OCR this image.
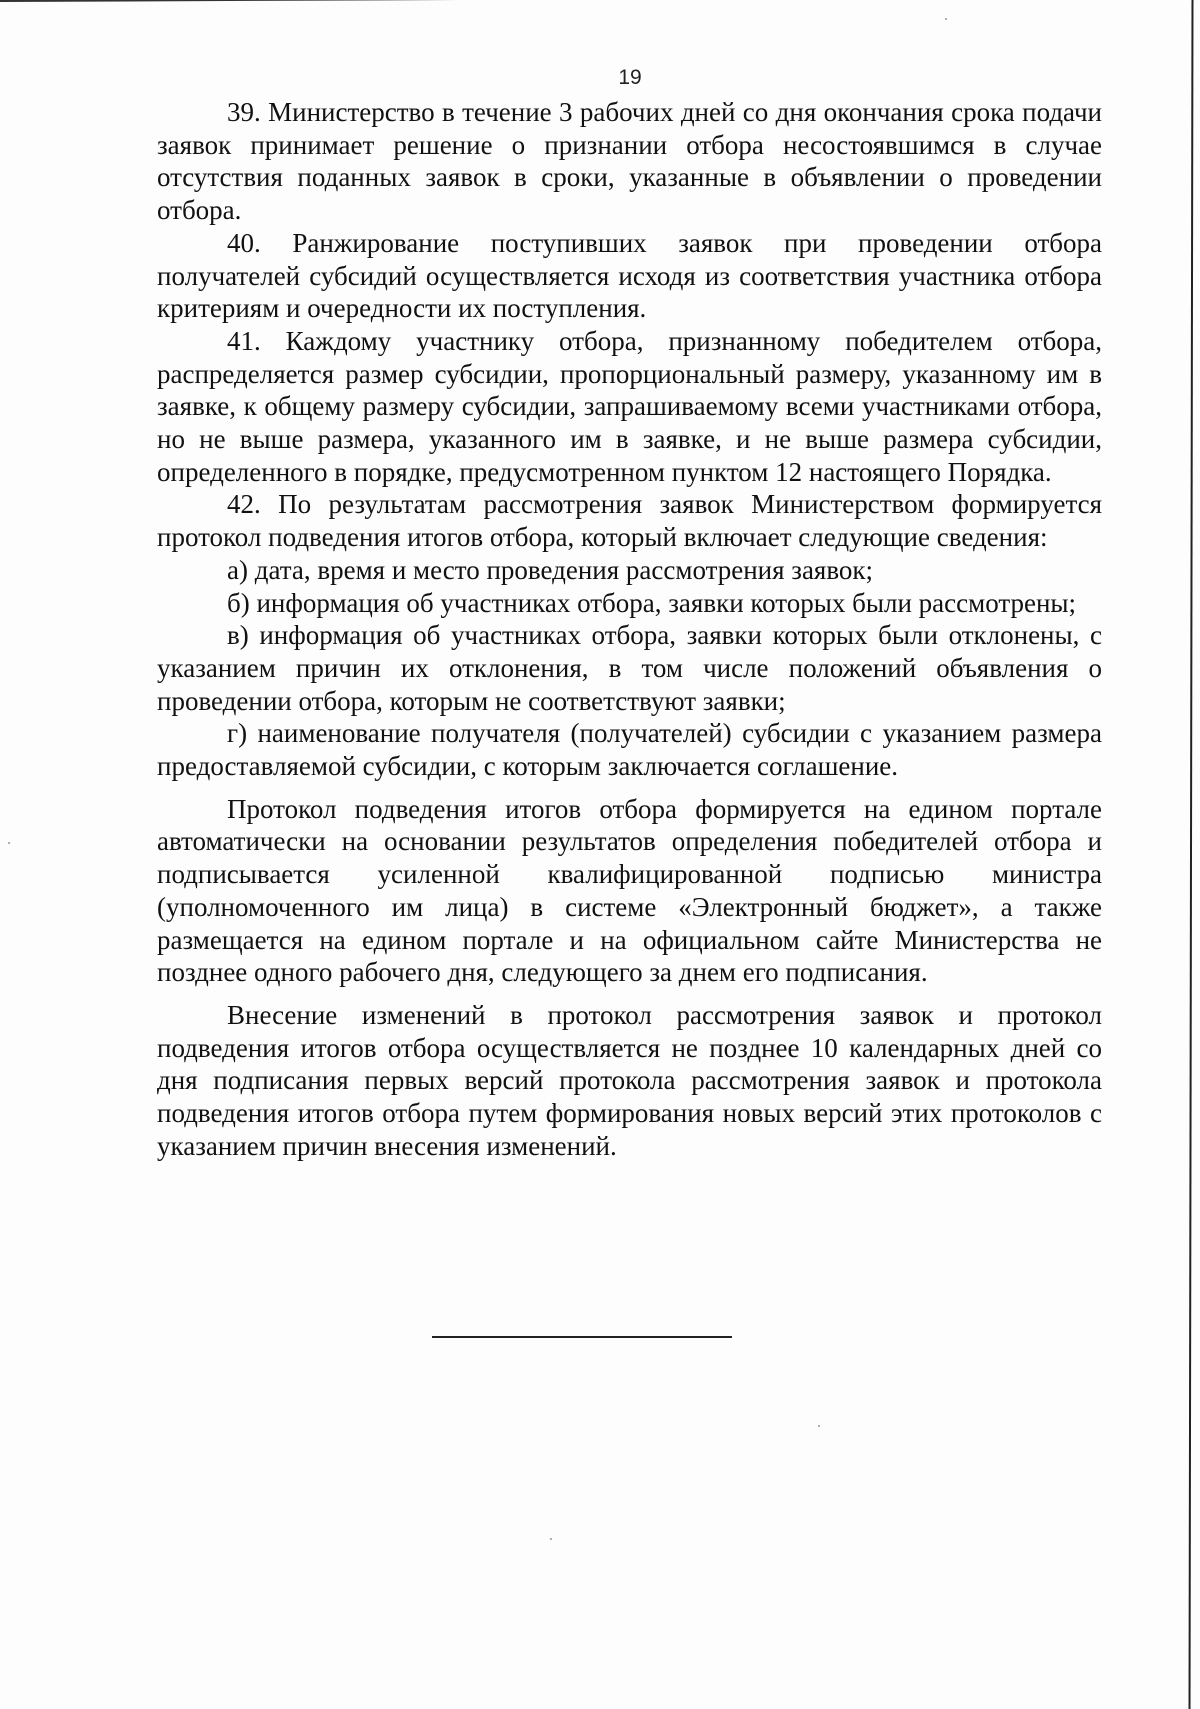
19

39. Министерство в течение 3 рабочих дней со дня окончания срока подачи заявок принимает решение о признании отбора несостоявшимся в случае отсутствия поданных заявок в сроки, указанные в объявлении о проведении отбора.

40. Ранжирование поступивших заявок при проведении отбора получателей субсидий осуществляется исходя из соответствия участника отбора критериям и очередности их поступления.

41. Каждому участнику отбора, признанному победителем отбора, распределяется размер субсидии, пропорциональный размеру, указанному им в заявке, к общему размеру субсидии, запрашиваемому всеми участниками отбора, но не выше размера, указанного им в заявке, и не выше размера субсидии, определенного в порядке, предусмотренном пунктом 12 настоящего Порядка.

42. По результатам рассмотрения заявок Министерством формируется протокол подведения итогов отбора, который включает следующие сведения:

а) дата, время и место проведения рассмотрения заявок;

б) информация об участниках отбора, заявки которых были рассмотрены;

в) информация об участниках отбора, заявки которых были отклонены, с указанием причин их отклонения, в том числе положений объявления о проведении отбора, которым не соответствуют заявки;

г) наименование получателя (получателей) субсидии с указанием размера предоставляемой субсидии, с которым заключается соглашение.

Протокол подведения итогов отбора формируется на едином портале автоматически на основании результатов определения победителей отбора и подписывается усиленной квалифицированной подписью министра (уполномоченного им лица) в системе «Электронный бюджет», а также размещается на едином портале и на официальном сайте Министерства не позднее одного рабочего дня, следующего за днем его подписания.

Внесение изменений в протокол рассмотрения заявок и протокол подведения итогов отбора осуществляется не позднее 10 календарных дней со дня подписания первых версий протокола рассмотрения заявок и протокола подведения итогов отбора путем формирования новых версий этих протоколов с указанием причин внесения изменений.
